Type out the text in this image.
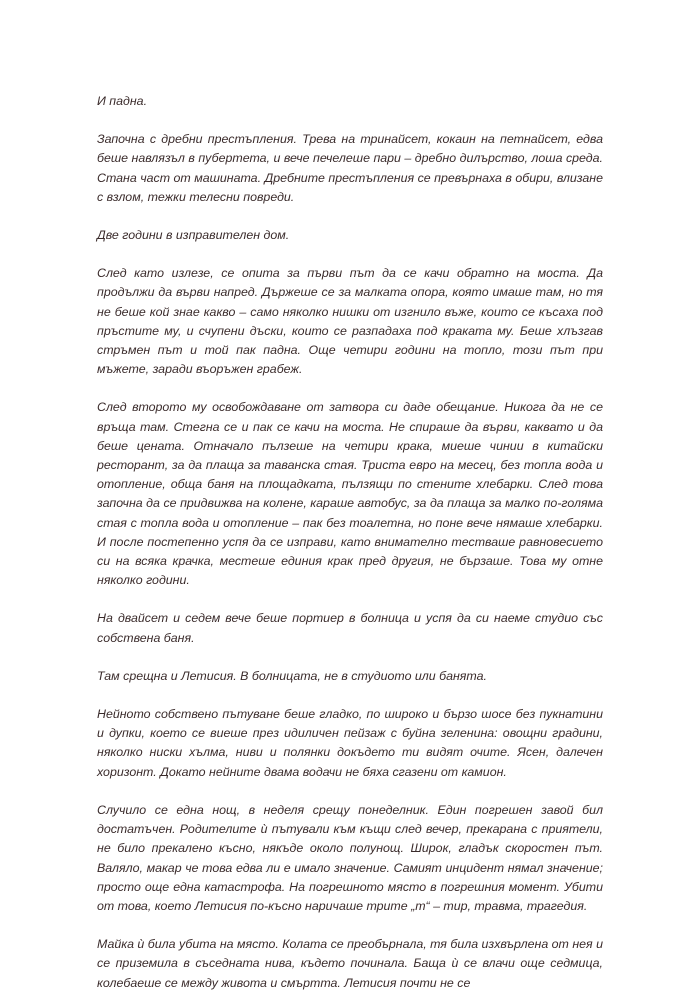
И падна.

Започна с дребни престъпления. Трева на тринайсет, кокаин на петнайсет, едва беше навлязъл в пубертета, и вече печелеше пари – дребно дилърство, лоша среда. Стана част от машината. Дребните престъпления се превърнаха в обири, влизане с взлом, тежки телесни повреди.

Две години в изправителен дом.

След като излезе, се опита за първи път да се качи обратно на моста. Да продължи да върви напред. Държеше се за малката опора, която имаше там, но тя не беше кой знае какво – само няколко нишки от изгнило въже, които се късаха под пръстите му, и счупени дъски, които се разпадаха под краката му. Беше хлъзгав стръмен път и той пак падна. Още четири години на топло, този път при мъжете, заради въоръжен грабеж.

След второто му освобождаване от затвора си даде обещание. Никога да не се връща там. Стегна се и пак се качи на моста. Не спираше да върви, каквато и да беше цената. Отначало пълзеше на четири крака, миеше чинии в китайски ресторант, за да плаща за таванска стая. Триста евро на месец, без топла вода и отопление, обща баня на площадката, пълзящи по стените хлебарки. След това започна да се придвижва на колене, караше автобус, за да плаща за малко по-голяма стая с топла вода и отопление – пак без тоалетна, но поне вече нямаше хлебарки. И после постепенно успя да се изправи, като внимателно тестваше равновесието си на всяка крачка, местеше единия крак пред другия, не бързаше. Това му отне няколко години.

На двайсет и седем вече беше портиер в болница и успя да си наеме студио със собствена баня.

Там срещна и Летисия. В болницата, не в студиото или банята.

Нейното собствено пътуване беше гладко, по широко и бързо шосе без пукнатини и дупки, което се виеше през идиличен пейзаж с буйна зеленина: овощни градини, няколко ниски хълма, ниви и полянки докъдето ти видят очите. Ясен, далечен хоризонт. Докато нейните двама водачи не бяха сгазени от камион.

Случило се една нощ, в неделя срещу понеделник. Един погрешен завой бил достатъчен. Родителите ѝ пътували към къщи след вечер, прекарана с приятели, не било прекалено късно, някъде около полунощ. Широк, гладък скоростен път. Валяло, макар че това едва ли е имало значение. Самият инцидент нямал значение; просто още една катастрофа. На погрешното място в погрешния момент. Убити от това, което Летисия по-късно наричаше трите „т“ – тир, травма, трагедия.

Майка ѝ била убита на място. Колата се преобърнала, тя била изхвърлена от нея и се приземила в съседната нива, където починала. Баща ѝ се влачи още седмица, колебаеше се между живота и смъртта. Летисия почти не се
